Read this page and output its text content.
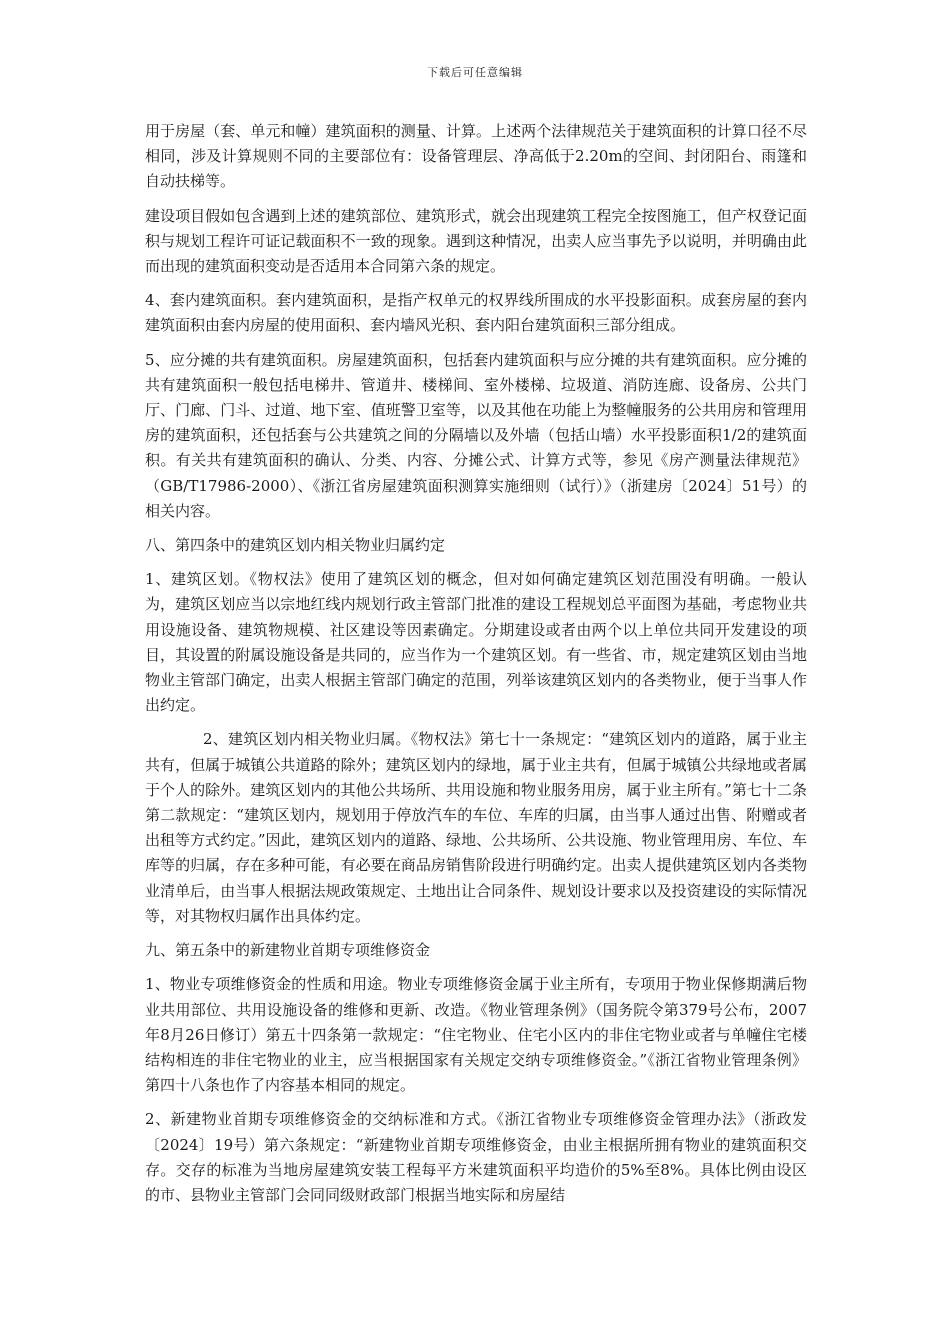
下载后可任意编辑

用于房屋（套、单元和幢）建筑面积的测量、计算。上述两个法律规范关于建筑面积的计算口径不尽相同，涉及计算规则不同的主要部位有：设备管理层、净高低于2.20m的空间、封闭阳台、雨篷和自动扶梯等。

建设项目假如包含遇到上述的建筑部位、建筑形式，就会出现建筑工程完全按图施工，但产权登记面积与规划工程许可证记载面积不一致的现象。遇到这种情况，出卖人应当事先予以说明，并明确由此而出现的建筑面积变动是否适用本合同第六条的规定。

4、套内建筑面积。套内建筑面积，是指产权单元的权界线所围成的水平投影面积。成套房屋的套内建筑面积由套内房屋的使用面积、套内墙风光积、套内阳台建筑面积三部分组成。

5、应分摊的共有建筑面积。房屋建筑面积，包括套内建筑面积与应分摊的共有建筑面积。应分摊的共有建筑面积一般包括电梯井、管道井、楼梯间、室外楼梯、垃圾道、消防连廊、设备房、公共门厅、门廊、门斗、过道、地下室、值班警卫室等，以及其他在功能上为整幢服务的公共用房和管理用房的建筑面积，还包括套与公共建筑之间的分隔墙以及外墙（包括山墙）水平投影面积1/2的建筑面积。有关共有建筑面积的确认、分类、内容、分摊公式、计算方式等，参见《房产测量法律规范》（GB/T17986-2000）、《浙江省房屋建筑面积测算实施细则（试行）》（浙建房〔2024〕51号）的相关内容。

八、第四条中的建筑区划内相关物业归属约定

1、建筑区划。《物权法》使用了建筑区划的概念，但对如何确定建筑区划范围没有明确。一般认为，建筑区划应当以宗地红线内规划行政主管部门批准的建设工程规划总平面图为基础，考虑物业共用设施设备、建筑物规模、社区建设等因素确定。分期建设或者由两个以上单位共同开发建设的项目，其设置的附属设施设备是共同的，应当作为一个建筑区划。有一些省、市，规定建筑区划由当地物业主管部门确定，出卖人根据主管部门确定的范围，列举该建筑区划内的各类物业，便于当事人作出约定。

2、建筑区划内相关物业归属。《物权法》第七十一条规定：“建筑区划内的道路，属于业主共有，但属于城镇公共道路的除外；建筑区划内的绿地，属于业主共有，但属于城镇公共绿地或者属于个人的除外。建筑区划内的其他公共场所、共用设施和物业服务用房，属于业主所有。”第七十二条第二款规定：“建筑区划内，规划用于停放汽车的车位、车库的归属，由当事人通过出售、附赠或者出租等方式约定。”因此，建筑区划内的道路、绿地、公共场所、公共设施、物业管理用房、车位、车库等的归属，存在多种可能，有必要在商品房销售阶段进行明确约定。出卖人提供建筑区划内各类物业清单后，由当事人根据法规政策规定、土地出让合同条件、规划设计要求以及投资建设的实际情况等，对其物权归属作出具体约定。

九、第五条中的新建物业首期专项维修资金

1、物业专项维修资金的性质和用途。物业专项维修资金属于业主所有，专项用于物业保修期满后物业共用部位、共用设施设备的维修和更新、改造。《物业管理条例》（国务院令第379号公布，2007年8月26日修订）第五十四条第一款规定：“住宅物业、住宅小区内的非住宅物业或者与单幢住宅楼结构相连的非住宅物业的业主，应当根据国家有关规定交纳专项维修资金。”《浙江省物业管理条例》第四十八条也作了内容基本相同的规定。

2、新建物业首期专项维修资金的交纳标准和方式。《浙江省物业专项维修资金管理办法》（浙政发〔2024〕19号）第六条规定：“新建物业首期专项维修资金，由业主根据所拥有物业的建筑面积交存。交存的标准为当地房屋建筑安装工程每平方米建筑面积平均造价的5%至8%。具体比例由设区的市、县物业主管部门会同同级财政部门根据当地实际和房屋结
